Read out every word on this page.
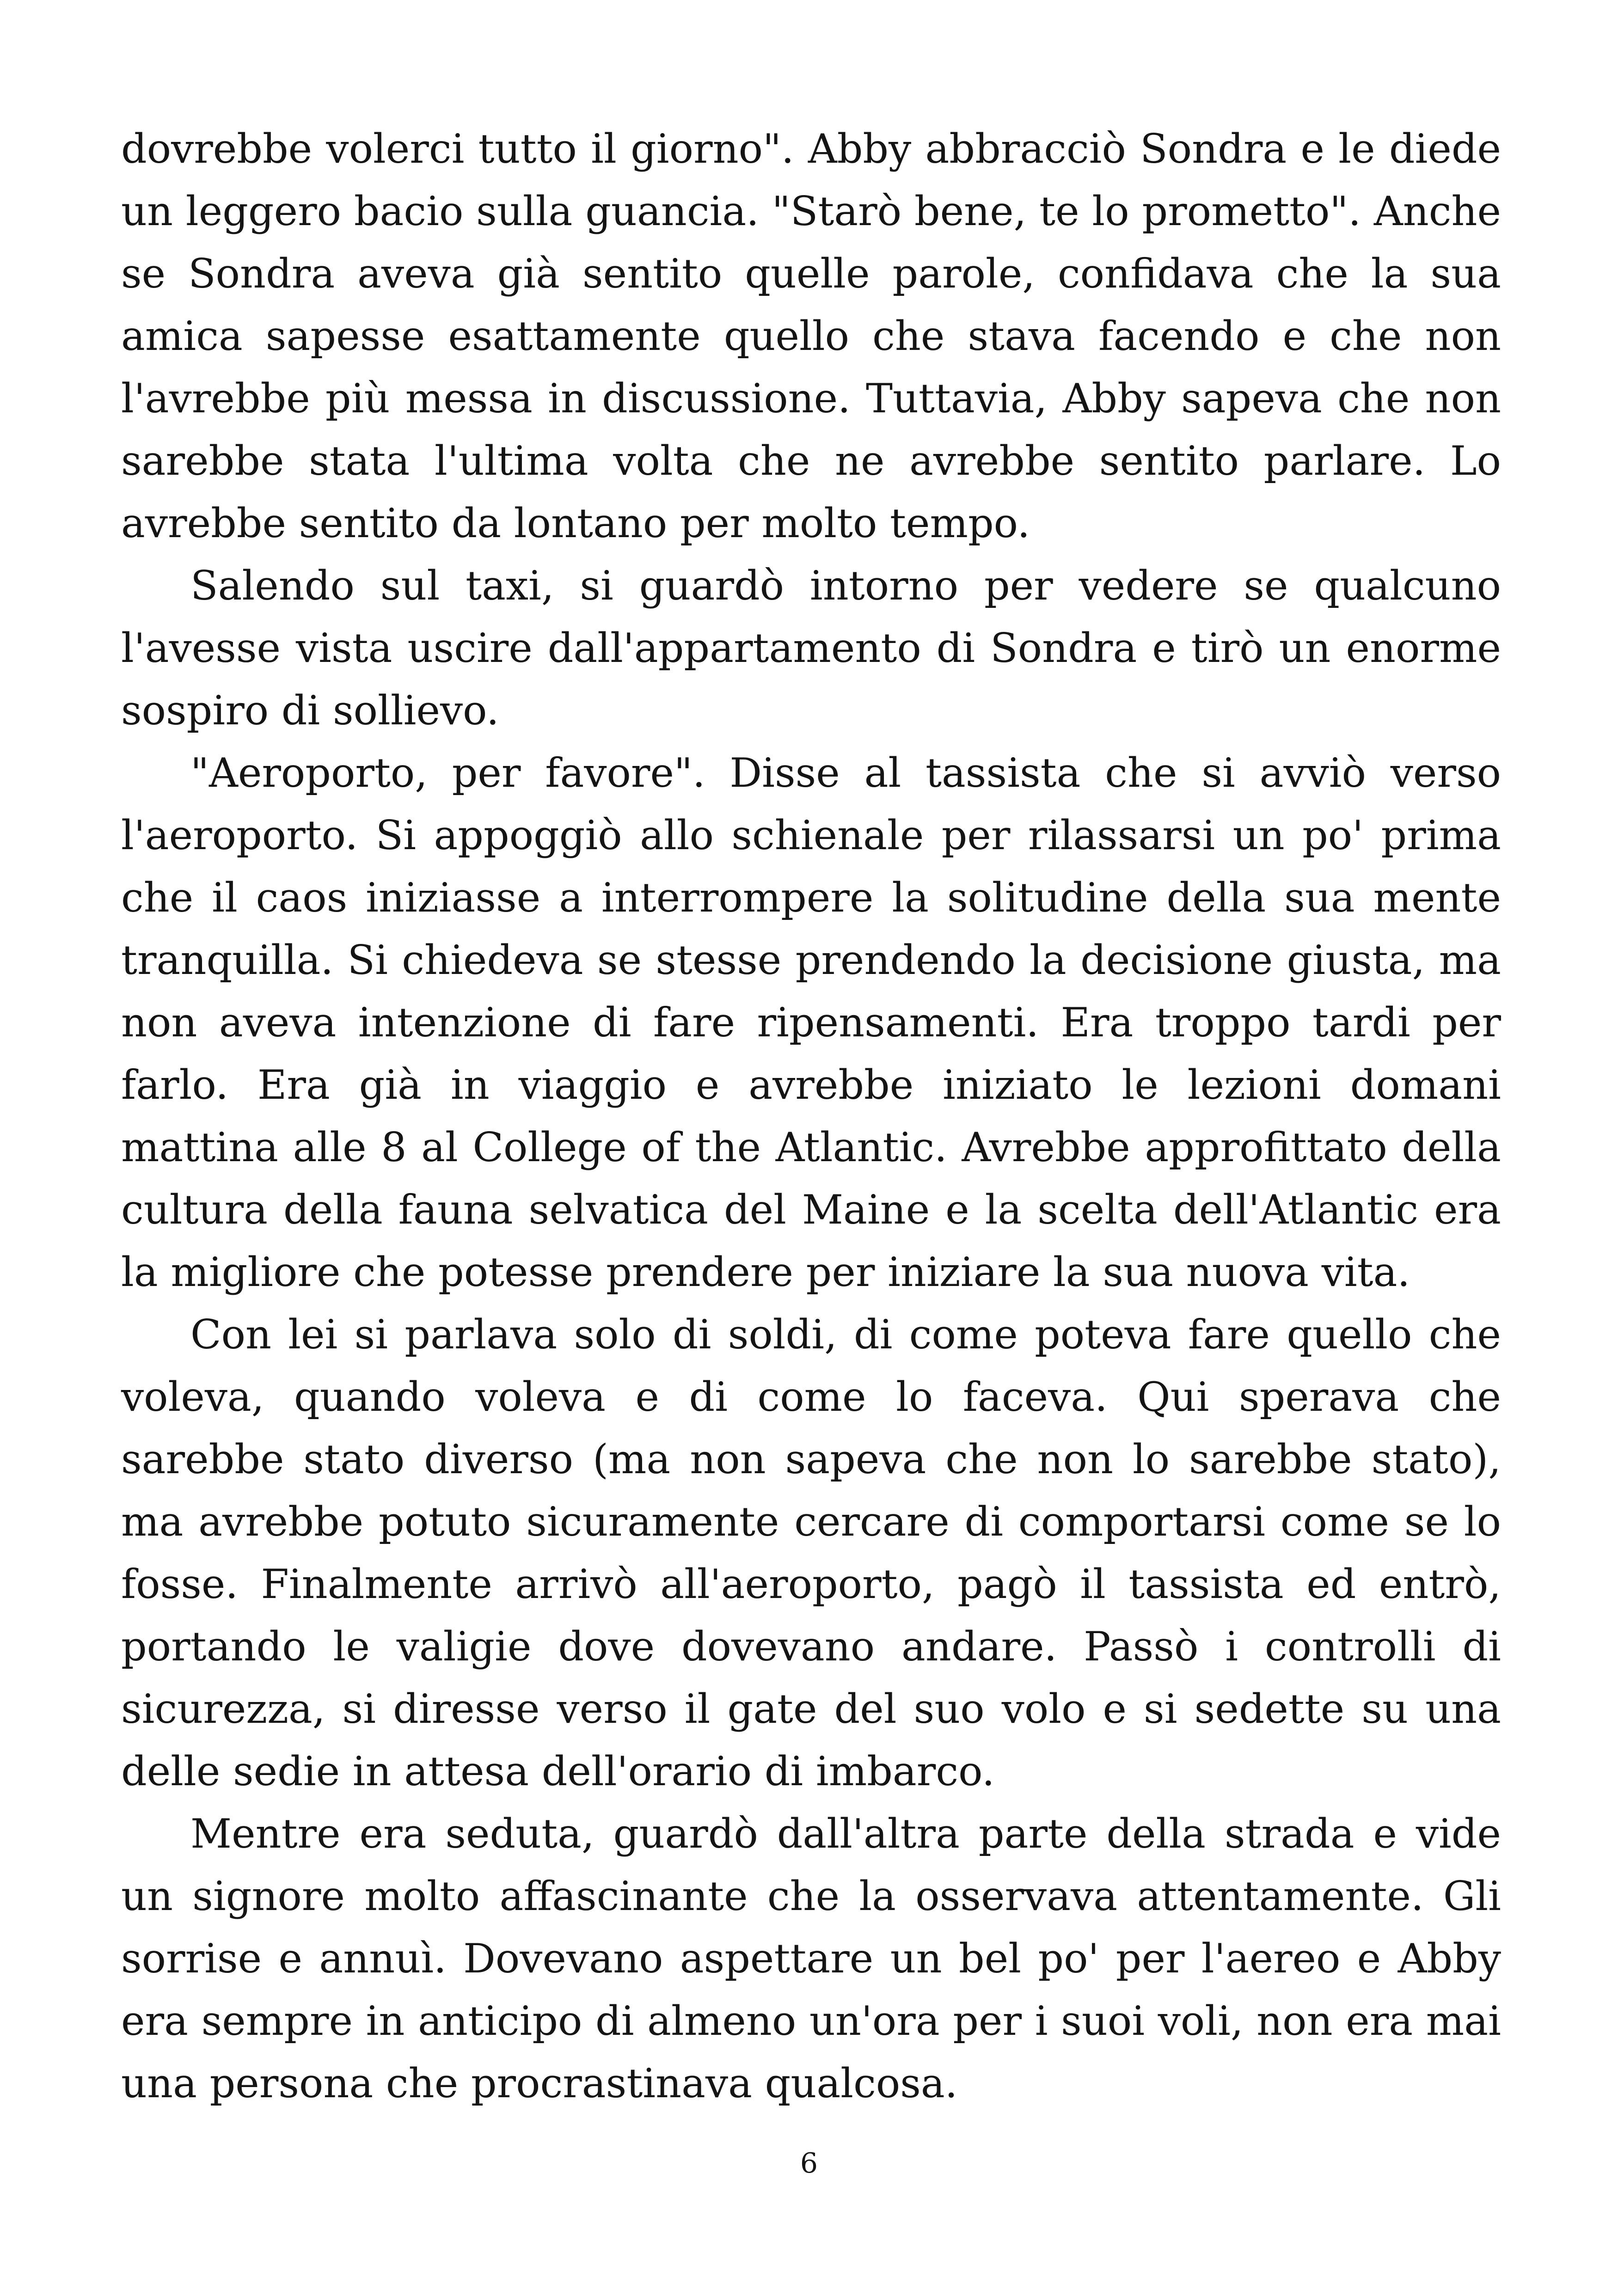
dovrebbe volerci tutto il giorno". Abby abbracciò Sondra e le diede un leggero bacio sulla guancia. "Starò bene, te lo prometto". Anche se Sondra aveva già sentito quelle parole, confidava che la sua amica sapesse esattamente quello che stava facendo e che non l'avrebbe più messa in discussione. Tuttavia, Abby sapeva che non sarebbe stata l'ultima volta che ne avrebbe sentito parlare. Lo avrebbe sentito da lontano per molto tempo.

Salendo sul taxi, si guardò intorno per vedere se qualcuno l'avesse vista uscire dall'appartamento di Sondra e tirò un enorme sospiro di sollievo.

"Aeroporto, per favore". Disse al tassista che si avviò verso l'aeroporto. Si appoggiò allo schienale per rilassarsi un po' prima che il caos iniziasse a interrompere la solitudine della sua mente tranquilla. Si chiedeva se stesse prendendo la decisione giusta, ma non aveva intenzione di fare ripensamenti. Era troppo tardi per farlo. Era già in viaggio e avrebbe iniziato le lezioni domani mattina alle 8 al College of the Atlantic. Avrebbe approfittato della cultura della fauna selvatica del Maine e la scelta dell'Atlantic era la migliore che potesse prendere per iniziare la sua nuova vita.

Con lei si parlava solo di soldi, di come poteva fare quello che voleva, quando voleva e di come lo faceva. Qui sperava che sarebbe stato diverso (ma non sapeva che non lo sarebbe stato), ma avrebbe potuto sicuramente cercare di comportarsi come se lo fosse. Finalmente arrivò all'aeroporto, pagò il tassista ed entrò, portando le valigie dove dovevano andare. Passò i controlli di sicurezza, si diresse verso il gate del suo volo e si sedette su una delle sedie in attesa dell'orario di imbarco.

Mentre era seduta, guardò dall'altra parte della strada e vide un signore molto affascinante che la osservava attentamente. Gli sorrise e annuì. Dovevano aspettare un bel po' per l'aereo e Abby era sempre in anticipo di almeno un'ora per i suoi voli, non era mai una persona che procrastinava qualcosa.

6
